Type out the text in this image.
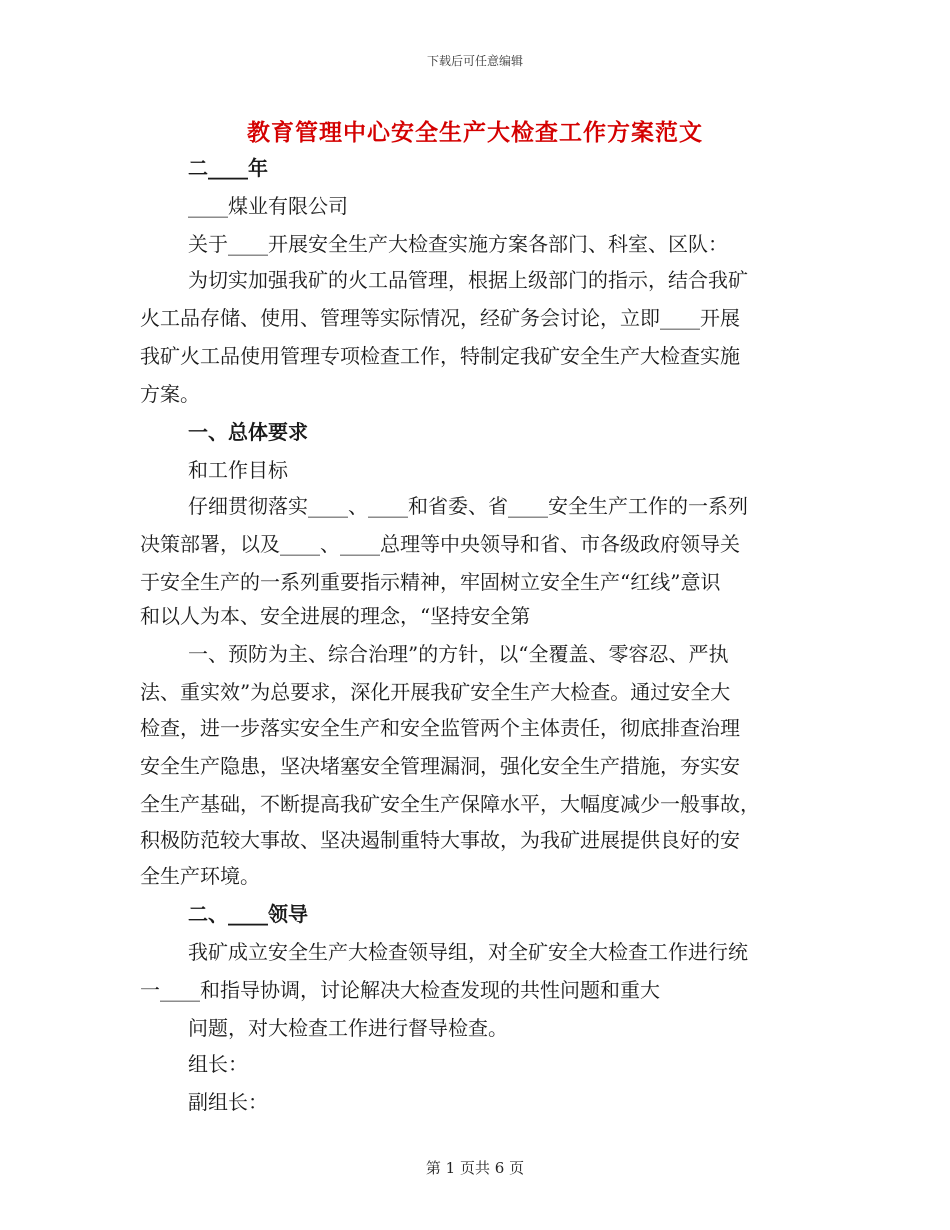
下载后可任意编辑
教育管理中心安全生产大检查工作方案范文
二____年
____煤业有限公司
关于____开展安全生产大检查实施方案各部门、科室、区队：
为切实加强我矿的火工品管理，根据上级部门的指示，结合我矿
火工品存储、使用、管理等实际情况，经矿务会讨论，立即____开展
我矿火工品使用管理专项检查工作，特制定我矿安全生产大检查实施
方案。
一、总体要求
和工作目标
仔细贯彻落实____、____和省委、省____安全生产工作的一系列
决策部署，以及____、____总理等中央领导和省、市各级政府领导关
于安全生产的一系列重要指示精神，牢固树立安全生产“红线”意识
和以人为本、安全进展的理念，“坚持安全第
一、预防为主、综合治理”的方针，以“全覆盖、零容忍、严执
法、重实效”为总要求，深化开展我矿安全生产大检查。通过安全大
检查，进一步落实安全生产和安全监管两个主体责任，彻底排查治理
安全生产隐患，坚决堵塞安全管理漏洞，强化安全生产措施，夯实安
全生产基础，不断提高我矿安全生产保障水平，大幅度减少一般事故，
积极防范较大事故、坚决遏制重特大事故，为我矿进展提供良好的安
全生产环境。
二、____领导
我矿成立安全生产大检查领导组，对全矿安全大检查工作进行统
一____和指导协调，讨论解决大检查发现的共性问题和重大
问题，对大检查工作进行督导检查。
组长：
副组长：
第 1 页共 6 页
